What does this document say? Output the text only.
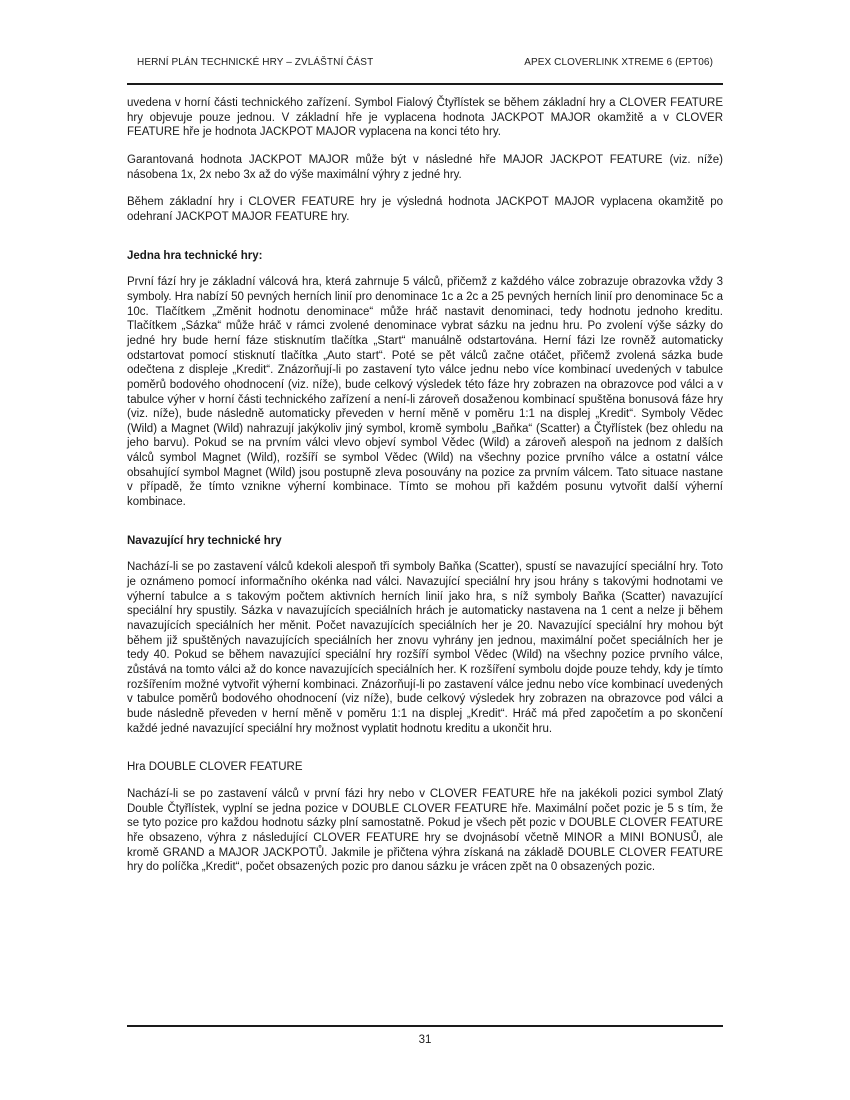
HERNÍ PLÁN TECHNICKÉ HRY – ZVLÁŠTNÍ ČÁST	APEX CLOVERLINK XTREME 6 (EPT06)
uvedena v horní části technického zařízení. Symbol Fialový Čtyřlístek se během základní hry a CLOVER FEATURE hry objevuje pouze jednou. V základní hře je vyplacena hodnota JACKPOT MAJOR okamžitě a v CLOVER FEATURE hře je hodnota JACKPOT MAJOR vyplacena na konci této hry.
Garantovaná hodnota JACKPOT MAJOR může být v následné hře MAJOR JACKPOT FEATURE (viz. níže) násobena 1x, 2x nebo 3x až do výše maximální výhry z jedné hry.
Během základní hry i CLOVER FEATURE hry je výsledná hodnota JACKPOT MAJOR vyplacena okamžitě po odehraní JACKPOT MAJOR FEATURE hry.
Jedna hra technické hry:
První fází hry je základní válcová hra, která zahrnuje 5 válců, přičemž z každého válce zobrazuje obrazovka vždy 3 symboly. Hra nabízí 50 pevných herních linií pro denominace 1c a 2c a 25 pevných herních linií pro denominace 5c a 10c. Tlačítkem „Změnit hodnotu denominace“ může hráč nastavit denominaci, tedy hodnotu jednoho kreditu. Tlačítkem „Sázka“ může hráč v rámci zvolené denominace vybrat sázku na jednu hru. Po zvolení výše sázky do jedné hry bude herní fáze stisknutím tlačítka „Start“ manuálně odstartována. Herní fázi lze rovněž automaticky odstartovat pomocí stisknutí tlačítka „Auto start“. Poté se pět válců začne otáčet, přičemž zvolená sázka bude odečtena z displeje „Kredit“. Znázorňují-li po zastavení tyto válce jednu nebo více kombinací uvedených v tabulce poměrů bodového ohodnocení (viz. níže), bude celkový výsledek této fáze hry zobrazen na obrazovce pod válci a v tabulce výher v horní části technického zařízení a není-li zároveň dosaženou kombinací spuštěna bonusová fáze hry (viz. níže), bude následně automaticky převeden v herní měně v poměru 1:1 na displej „Kredit“. Symboly Vědec (Wild) a Magnet (Wild) nahrazují jakýkoliv jiný symbol, kromě symbolu „Baňka“ (Scatter) a Čtyřlístek (bez ohledu na jeho barvu). Pokud se na prvním válci vlevo objeví symbol Vědec (Wild) a zároveň alespoň na jednom z dalších válců symbol Magnet (Wild), rozšíří se symbol Vědec (Wild) na všechny pozice prvního válce a ostatní válce obsahující symbol Magnet (Wild) jsou postupně zleva posouvány na pozice za prvním válcem. Tato situace nastane v případě, že tímto vznikne výherní kombinace. Tímto se mohou při každém posunu vytvořit další výherní kombinace.
Navazující hry technické hry
Nachází-li se po zastavení válců kdekoli alespoň tři symboly Baňka (Scatter), spustí se navazující speciální hry. Toto je oznámeno pomocí informačního okénka nad válci. Navazující speciální hry jsou hrány s takovými hodnotami ve výherní tabulce a s takovým počtem aktivních herních linií jako hra, s níž symboly Baňka (Scatter) navazující speciální hry spustily. Sázka v navazujících speciálních hrách je automaticky nastavena na 1 cent a nelze ji během navazujících speciálních her měnit. Počet navazujících speciálních her je 20. Navazující speciální hry mohou být během již spuštěných navazujících speciálních her znovu vyhrány jen jednou, maximální počet speciálních her je tedy 40. Pokud se během navazující speciální hry rozšíří symbol Vědec (Wild) na všechny pozice prvního válce, zůstává na tomto válci až do konce navazujících speciálních her. K rozšíření symbolu dojde pouze tehdy, kdy je tímto rozšířením možné vytvořit výherní kombinaci. Znázorňují-li po zastavení válce jednu nebo více kombinací uvedených v tabulce poměrů bodového ohodnocení (viz níže), bude celkový výsledek hry zobrazen na obrazovce pod válci a bude následně převeden v herní měně v poměru 1:1 na displej „Kredit“. Hráč má před započetím a po skončení každé jedné navazující speciální hry možnost vyplatit hodnotu kreditu a ukončit hru.
Hra DOUBLE CLOVER FEATURE
Nachází-li se po zastavení válců v první fázi hry nebo v CLOVER FEATURE hře na jakékoli pozici symbol Zlatý Double Čtyřlístek, vyplní se jedna pozice v DOUBLE CLOVER FEATURE hře. Maximální počet pozic je 5 s tím, že se tyto pozice pro každou hodnotu sázky plní samostatně. Pokud je všech pět pozic v DOUBLE CLOVER FEATURE hře obsazeno, výhra z následující CLOVER FEATURE hry se dvojnásobí včetně MINOR a MINI BONUSŮ, ale kromě GRAND a MAJOR JACKPOTŮ. Jakmile je přičtena výhra získaná na základě DOUBLE CLOVER FEATURE hry do políčka „Kredit“, počet obsazených pozic pro danou sázku je vrácen zpět na 0 obsazených pozic.
31
